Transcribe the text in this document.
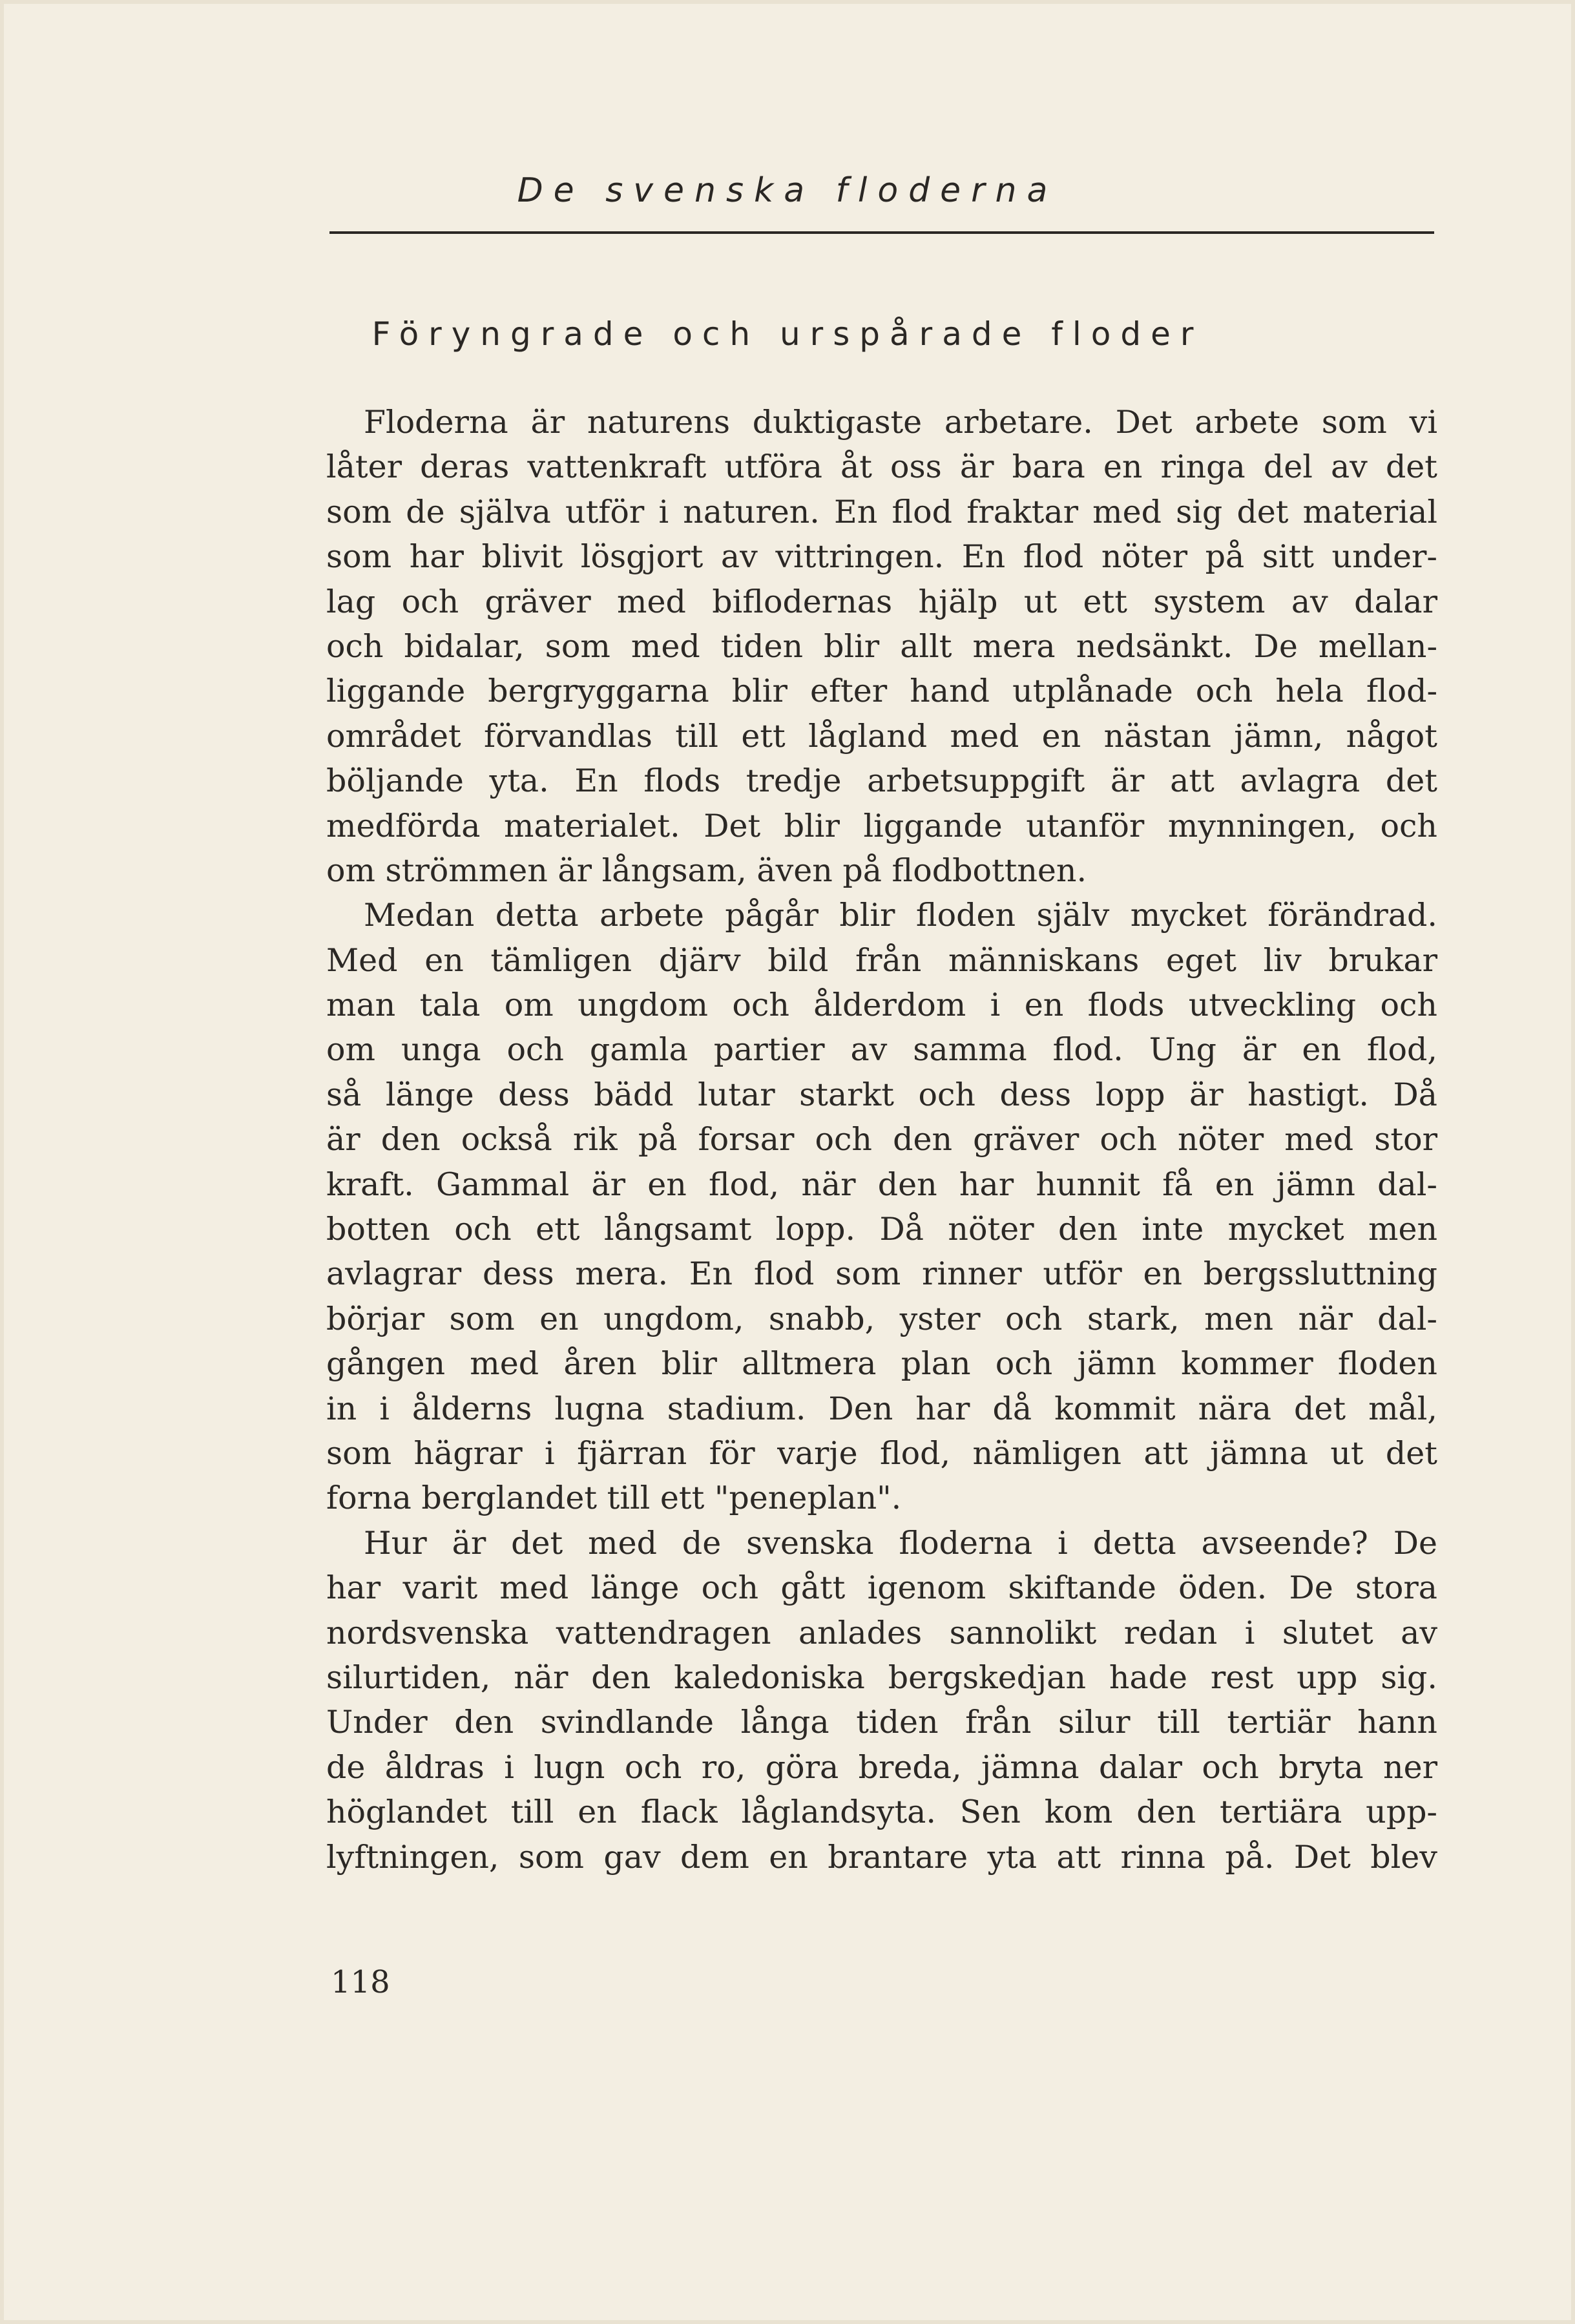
De svenska floderna
Föryngrade och urspårade floder

Floderna är naturens duktigaste arbetare. Det arbete som vi
låter deras vattenkraft utföra åt oss är bara en ringa del av det
som de själva utför i naturen. En flod fraktar med sig det material
som har blivit lösgjort av vittringen. En flod nöter på sitt under-
lag och gräver med biflodernas hjälp ut ett system av dalar
och bidalar, som med tiden blir allt mera nedsänkt. De mellan-
liggande bergryggarna blir efter hand utplånade och hela flod-
området förvandlas till ett lågland med en nästan jämn, något
böljande yta. En flods tredje arbetsuppgift är att avlagra det
medförda materialet. Det blir liggande utanför mynningen, och
om strömmen är långsam, även på flodbottnen.

Medan detta arbete pågår blir floden själv mycket förändrad.
Med en tämligen djärv bild från människans eget liv brukar
man tala om ungdom och ålderdom i en flods utveckling och
om unga och gamla partier av samma flod. Ung är en flod,
så länge dess bädd lutar starkt och dess lopp är hastigt. Då
är den också rik på forsar och den gräver och nöter med stor
kraft. Gammal är en flod, när den har hunnit få en jämn dal-
botten och ett långsamt lopp. Då nöter den inte mycket men
avlagrar dess mera. En flod som rinner utför en bergssluttning
börjar som en ungdom, snabb, yster och stark, men när dal-
gången med åren blir alltmera plan och jämn kommer floden
in i ålderns lugna stadium. Den har då kommit nära det mål,
som hägrar i fjärran för varje flod, nämligen att jämna ut det
forna berglandet till ett "peneplan".

Hur är det med de svenska floderna i detta avseende? De
har varit med länge och gått igenom skiftande öden. De stora
nordsvenska vattendragen anlades sannolikt redan i slutet av
silurtiden, när den kaledoniska bergskedjan hade rest upp sig.
Under den svindlande långa tiden från silur till tertiär hann
de åldras i lugn och ro, göra breda, jämna dalar och bryta ner
höglandet till en flack låglandsyta. Sen kom den tertiära upp-
lyftningen, som gav dem en brantare yta att rinna på. Det blev

118
